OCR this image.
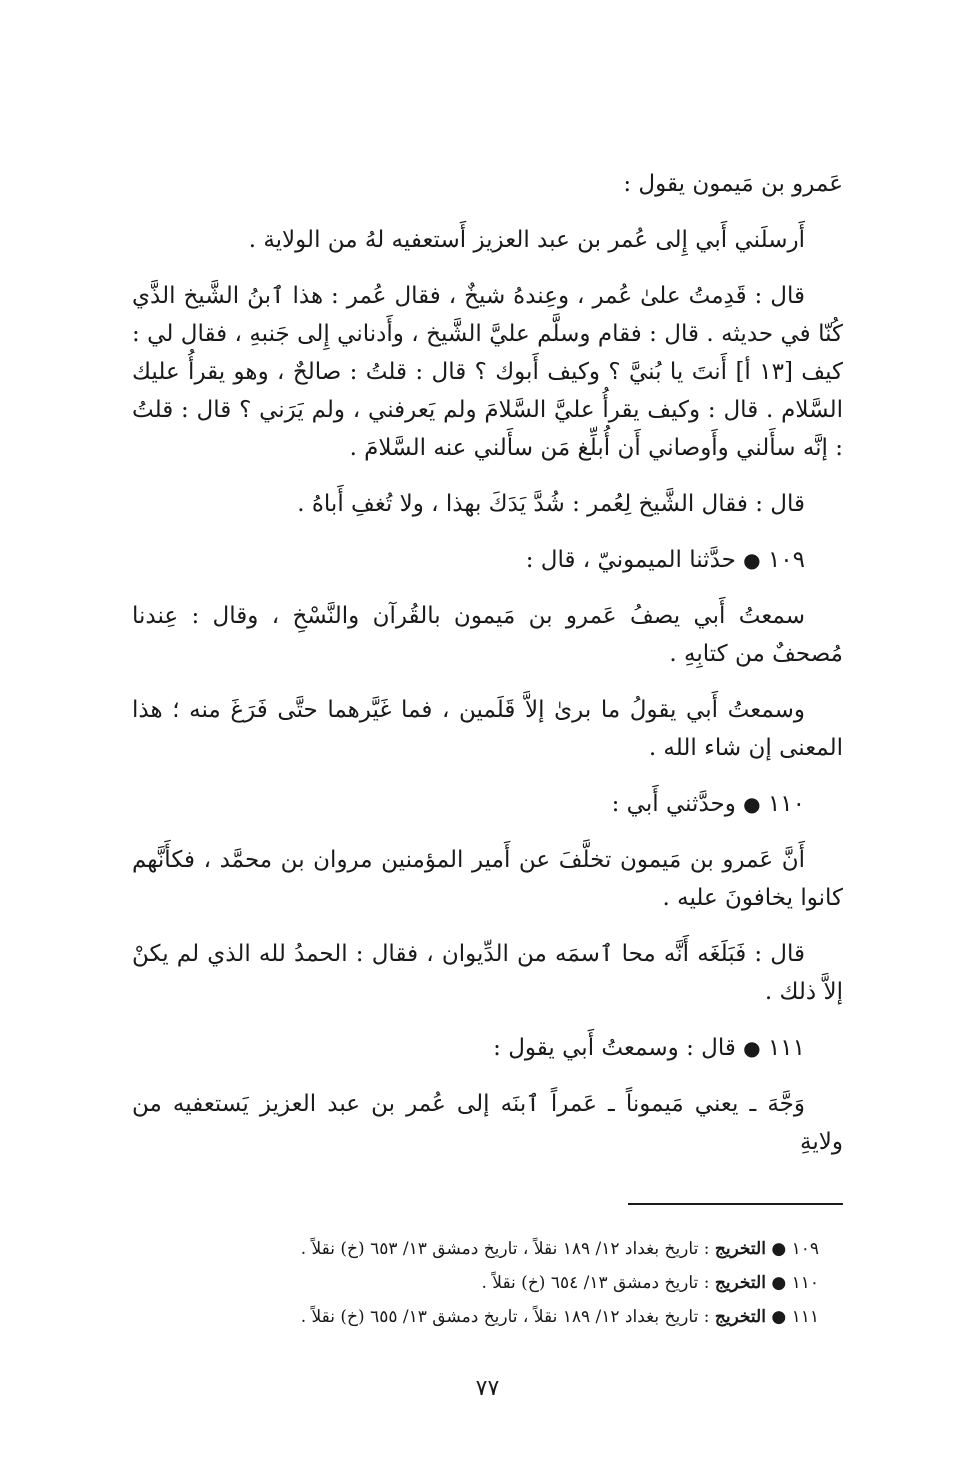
عَمرو بن مَيمون يقول :

أَرسلَني أَبي إِلى عُمر بن عبد العزيز أَستعفيه لهُ من الولاية .

قال : قَدِمتُ علىٰ عُمر ، وعِندهُ شيخٌ ، فقال عُمر : هذا ٱبنُ الشَّيخ الذَّي كُنّا في حديثه . قال : فقام وسلَّم عليَّ الشَّيخ ، وأَدناني إِلى جَنبهِ ، فقال لي : كيف [١٣ أ] أَنتَ يا بُنيَّ ؟ وكيف أَبوك ؟ قال : قلتُ : صالحٌ ، وهو يقرأُ عليك السَّلام . قال : وكيف يقرأُ عليَّ السَّلامَ ولم يَعرفني ، ولم يَرَني ؟ قال : قلتُ : إنَّه سأَلني وأَوصاني أَن أُبلِّغ مَن سأَلني عنه السَّلامَ .

قال : فقال الشَّيخ لِعُمر : شُدَّ يَدَكَ بهذا ، ولا تُغفِ أَباهُ .

١٠٩ ● حدَّثنا الميمونيّ ، قال :

سمعتُ أَبي يصفُ عَمرو بن مَيمون بالقُرآن والنَّسْخِ ، وقال : عِندنا مُصحفٌ من كتابِهِ .

وسمعتُ أَبي يقولُ ما برىٰ إلاَّ قَلَمين ، فما غَيَّرهما حتَّى فَرَغَ منه ؛ هذا المعنى إن شاء الله .

١١٠ ● وحدَّثني أَبي :

أَنَّ عَمرو بن مَيمون تخلَّفَ عن أَمير المؤمنين مروان بن محمَّد ، فكأَنَّهم كانوا يخافونَ عليه .

قال : فَبَلَغَه أَنَّه محا ٱسمَه من الدِّيوان ، فقال : الحمدُ لله الذي لم يكنْ إلاَّ ذلك .

١١١ ● قال : وسمعتُ أَبي يقول :

وَجَّهَ ـ يعني مَيموناً ـ عَمراً ٱبنَه إلى عُمر بن عبد العزيز يَستعفيه من ولايةِ

١٠٩ ● التخريج : تاريخ بغداد ١٢/ ١٨٩ نقلاً ، تاريخ دمشق ١٣/ ٦٥٣ (خ) نقلاً .
١١٠ ● التخريج : تاريخ دمشق ١٣/ ٦٥٤ (خ) نقلاً .
١١١ ● التخريج : تاريخ بغداد ١٢/ ١٨٩ نقلاً ، تاريخ دمشق ١٣/ ٦٥٥ (خ) نقلاً .
٧٧
